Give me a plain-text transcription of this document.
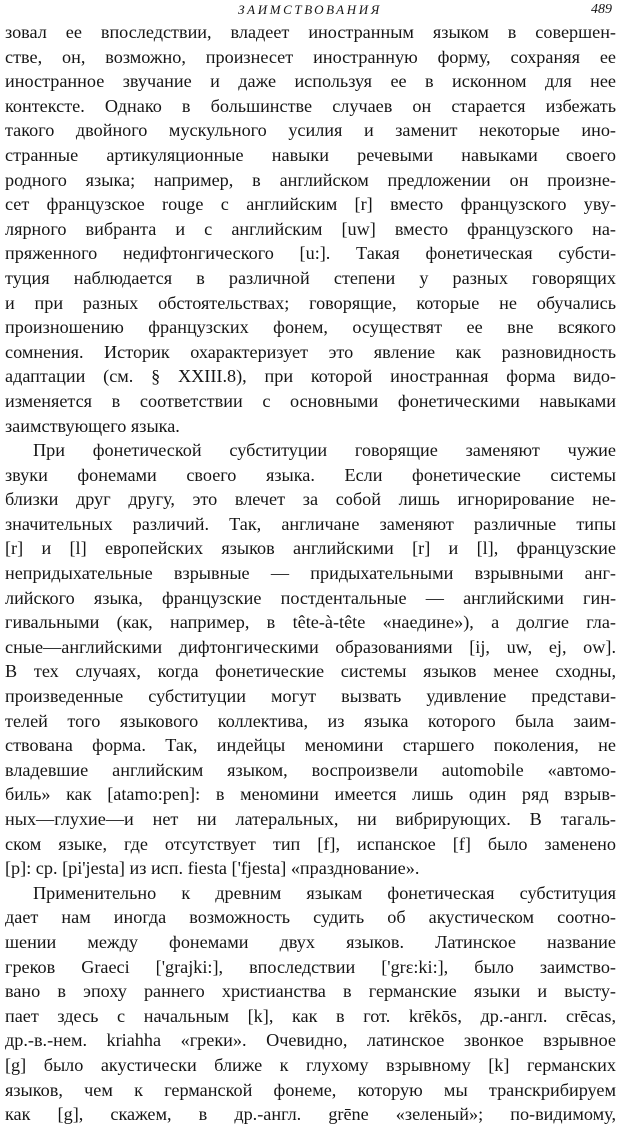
ЗАИМСТВОВАНИЯ	489
зовал ее впоследствии, владеет иностранным языком в совершен-
стве, он, возможно, произнесет иностранную форму, сохраняя ее
иностранное звучание и даже используя ее в исконном для нее
контексте. Однако в большинстве случаев он старается избежать
такого двойного мускульного усилия и заменит некоторые ино-
странные артикуляционные навыки речевыми навыками своего
родного языка; например, в английском предложении он произне-
сет французское rouge с английским [r] вместо французского уву-
лярного вибранта и с английским [uw] вместо французского на-
пряженного недифтонгического [u:]. Такая фонетическая субсти-
туция наблюдается в различной степени у разных говорящих
и при разных обстоятельствах; говорящие, которые не обучались
произношению французских фонем, осуществят ее вне всякого
сомнения. Историк охарактеризует это явление как разновидность
адаптации (см. § XXIII.8), при которой иностранная форма видо-
изменяется в соответствии с основными фонетическими навыками
заимствующего языка.
При фонетической субституции говорящие заменяют чужие
звуки фонемами своего языка. Если фонетические системы
близки друг другу, это влечет за собой лишь игнорирование не-
значительных различий. Так, англичане заменяют различные типы
[r] и [l] европейских языков английскими [r] и [l], французские
непридыхательные взрывные — придыхательными взрывными анг-
лийского языка, французские постдентальные — английскими гин-
гивальными (как, например, в tête-à-tête «наедине»), а долгие гла-
сные—английскими дифтонгическими образованиями [ij, uw, ej, ow].
В тех случаях, когда фонетические системы языков менее сходны,
произведенные субституции могут вызвать удивление представи-
телей того языкового коллектива, из языка которого была заим-
ствована форма. Так, индейцы меномини старшего поколения, не
владевшие английским языком, воспроизвели automobile «автомо-
биль» как [atamo:pen]: в меномини имеется лишь один ряд взрыв-
ных—глухие—и нет ни латеральных, ни вибрирующих. В тагаль-
ском языке, где отсутствует тип [f], испанское [f] было заменено
[p]: ср. [pi'jesta] из исп. fiesta ['fjesta] «празднование».
Применительно к древним языкам фонетическая субституция
дает нам иногда возможность судить об акустическом соотно-
шении между фонемами двух языков. Латинское название
греков Graeci ['grajki:], впоследствии ['grɛ:ki:], было заимство-
вано в эпоху раннего христианства в германские языки и высту-
пает здесь с начальным [k], как в гот. krēkōs, др.-англ. crēcas,
др.-в.-нем. kriahha «греки». Очевидно, латинское звонкое взрывное
[g] было акустически ближе к глухому взрывному [k] германских
языков, чем к германской фонеме, которую мы транскрибируем
как [g], скажем, в др.-англ. grēne «зеленый»; по-видимому,
